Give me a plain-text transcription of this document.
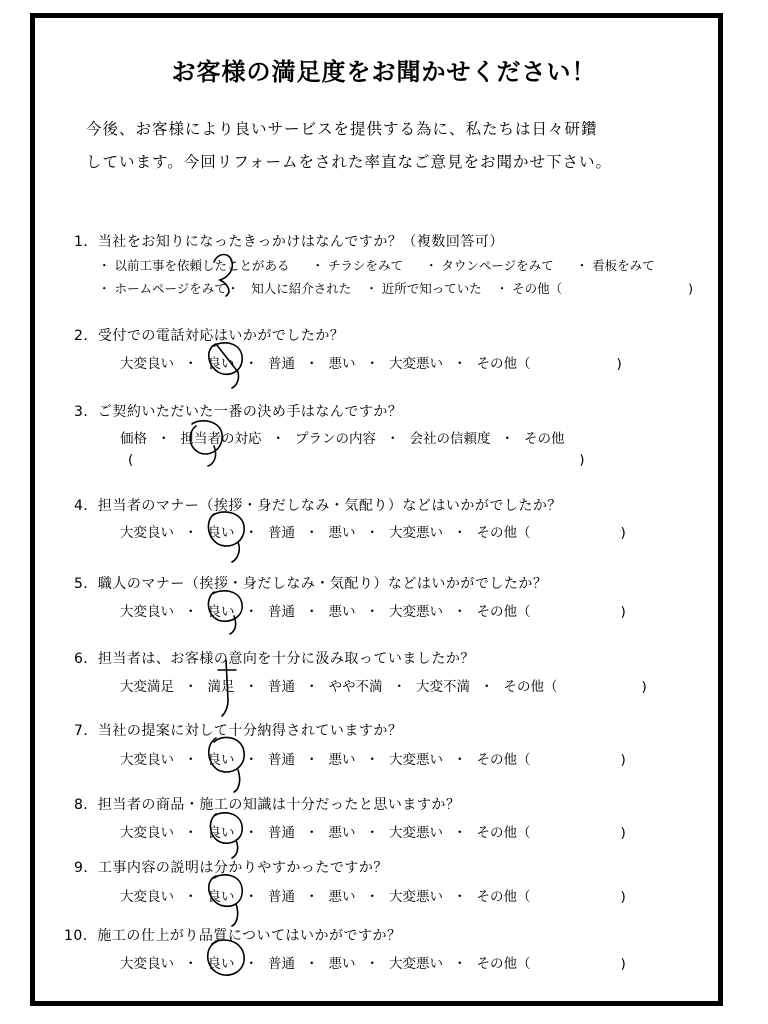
お客様の満足度をお聞かせください！
今後、お客様により良いサービスを提供する為に、私たちは日々研鑽
しています。今回リフォームをされた率直なご意見をお聞かせ下さい。
1．当社をお知りになったきっかけはなんですか？（複数回答可）
・ 以前工事を依頼したことがある ・ チラシをみて ・ タウンページをみて ・ 看板をみて
・ ホームページをみて・ 知人に紹介された ・ 近所で知っていた ・ その他（	)
2．受付での電話対応はいかがでしたか？
大変良い ・ 良い ・ 普通 ・ 悪い ・ 大変悪い ・ その他（	)
3．ご契約いただいた一番の決め手はなんですか？
価格 ・ 担当者の対応 ・ プランの内容 ・ 会社の信頼度 ・ その他
(	)
4．担当者のマナー（挨拶・身だしなみ・気配り）などはいかがでしたか？
大変良い ・ 良い ・ 普通 ・ 悪い ・ 大変悪い ・ その他（	)
5．職人のマナー（挨拶・身だしなみ・気配り）などはいかがでしたか？
大変良い ・ 良い ・ 普通 ・ 悪い ・ 大変悪い ・ その他（	)
6．担当者は、お客様の意向を十分に汲み取っていましたか？
大変満足 ・ 満足 ・ 普通 ・ やや不満 ・ 大変不満 ・ その他（	)
7．当社の提案に対して十分納得されていますか？
大変良い ・ 良い ・ 普通 ・ 悪い ・ 大変悪い ・ その他（	)
8．担当者の商品・施工の知識は十分だったと思いますか？
大変良い ・ 良い ・ 普通 ・ 悪い ・ 大変悪い ・ その他（	)
9．工事内容の説明は分かりやすかったですか？
大変良い ・ 良い ・ 普通 ・ 悪い ・ 大変悪い ・ その他（	)
10．施工の仕上がり品質についてはいかがですか？
大変良い ・ 良い ・ 普通 ・ 悪い ・ 大変悪い ・ その他（	)
